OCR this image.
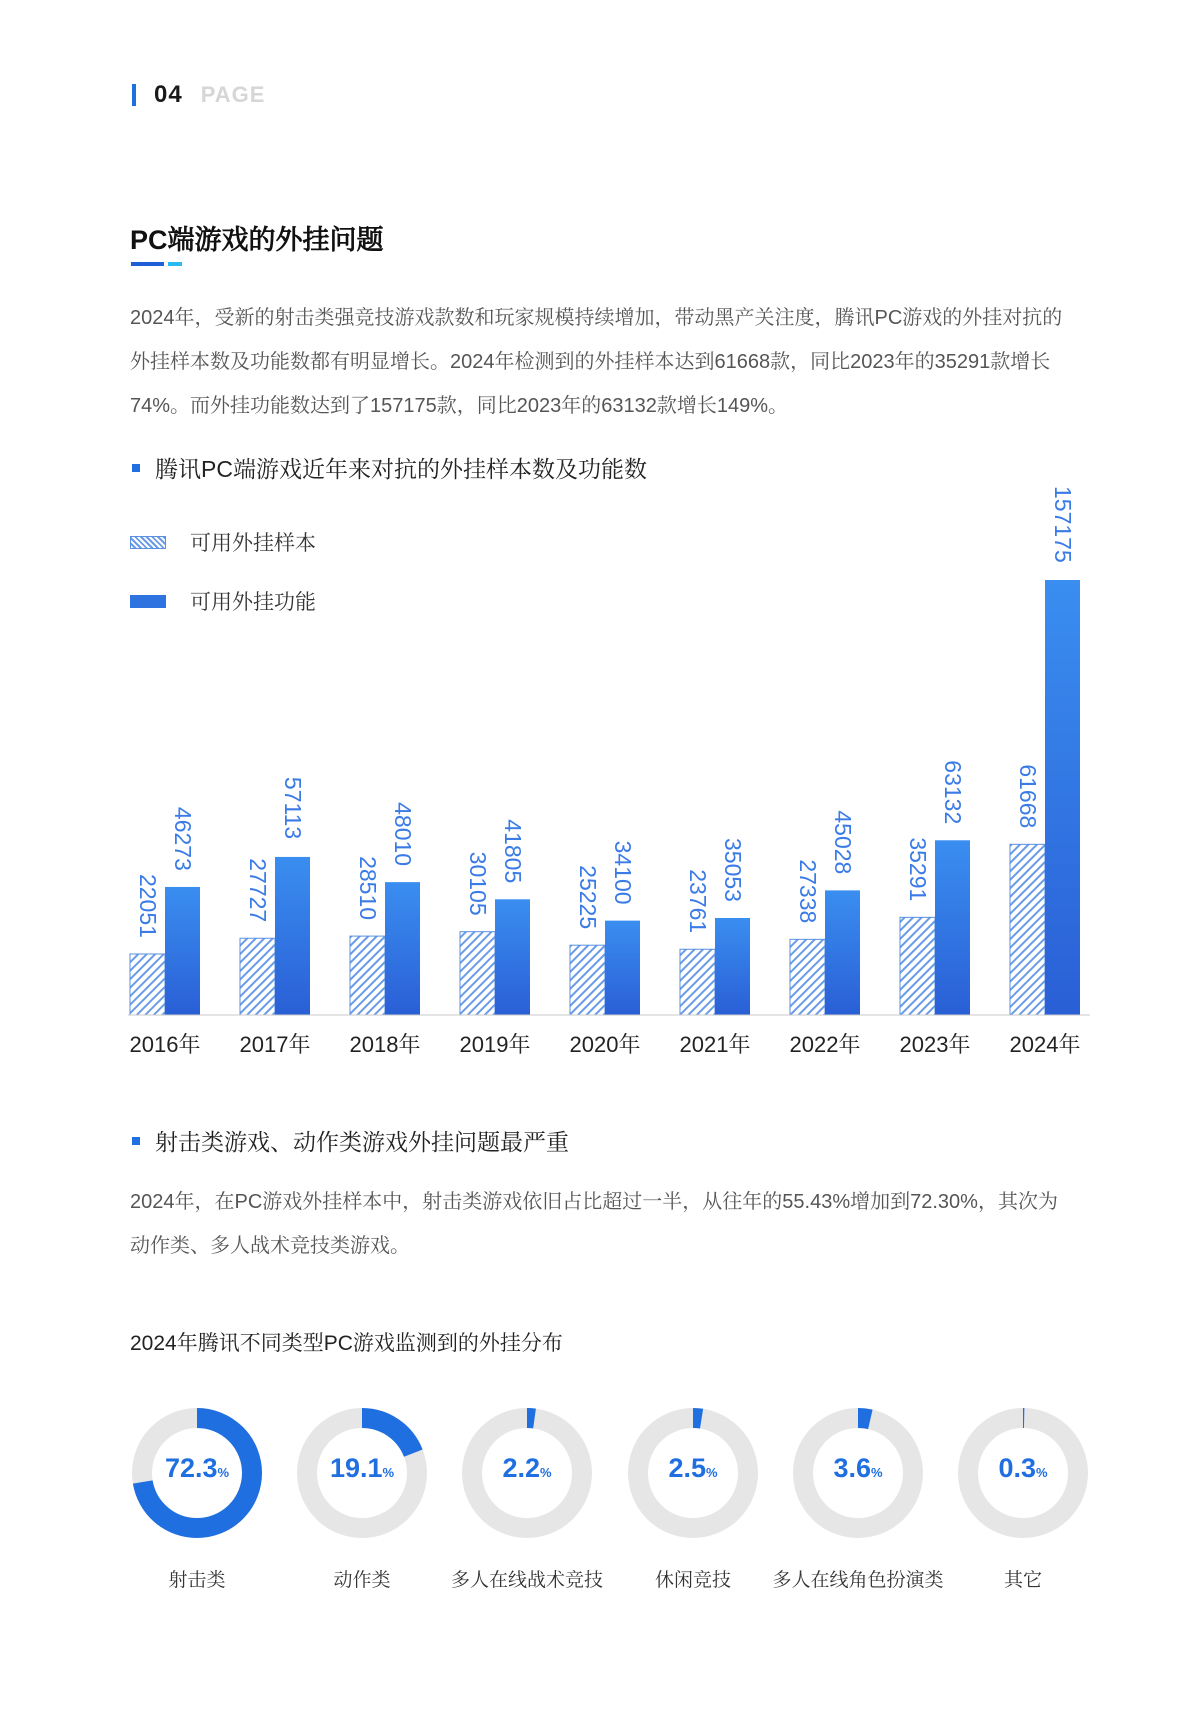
04 PAGE
PC端游戏的外挂问题
2024年，受新的射击类强竞技游戏款数和玩家规模持续增加，带动黑产关注度，腾讯PC游戏的外挂对抗的外挂样本数及功能数都有明显增长。2024年检测到的外挂样本达到61668款，同比2023年的35291款增长74%。而外挂功能数达到了157175款，同比2023年的63132款增长149%。
腾讯PC端游戏近年来对抗的外挂样本数及功能数
可用外挂样本
可用外挂功能
22051
46273
2016年
27727
57113
2017年
28510
48010
2018年
30105
41805
2019年
25225 34100
2020年
23761 35053
2021年
27338
45028
2022年
35291
63132
2023年
61668
157175
2024年
射击类游戏、动作类游戏外挂问题最严重
2024年，在PC游戏外挂样本中，射击类游戏依旧占比超过一半，从往年的55.43%增加到72.30%，其次为动作类、多人战术竞技类游戏。
2024年腾讯不同类型PC游戏监测到的外挂分布
72.3%
射击类
19.1%
动作类
2.2%
多人在线战术竞技
2.5%
休闲竞技
3.6%
多人在线角色扮演类
0.3%
其它
